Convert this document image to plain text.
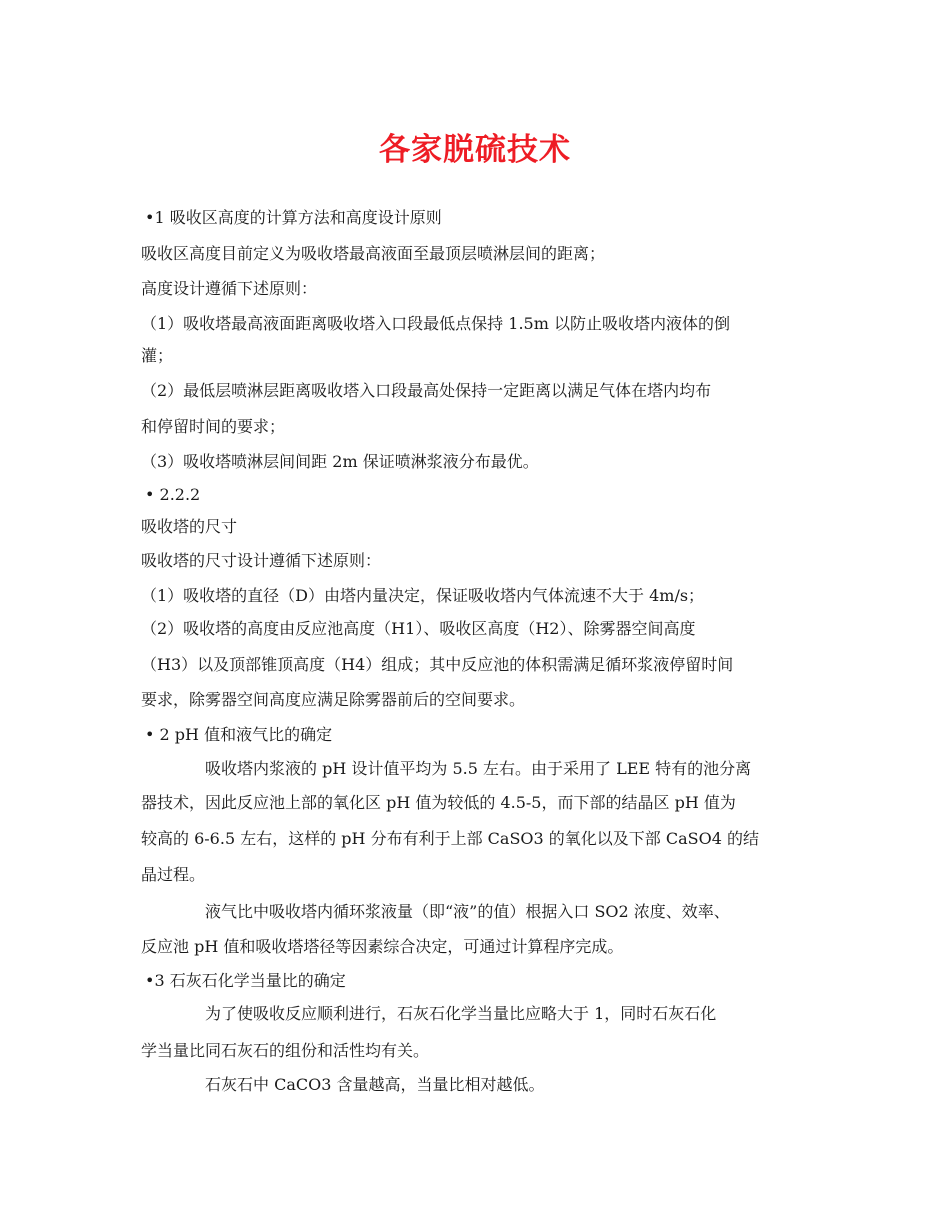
各家脱硫技术
•1 吸收区高度的计算方法和高度设计原则
吸收区高度目前定义为吸收塔最高液面至最顶层喷淋层间的距离；
高度设计遵循下述原则：
（1）吸收塔最高液面距离吸收塔入口段最低点保持 1.5m 以防止吸收塔内液体的倒
灌；
（2）最低层喷淋层距离吸收塔入口段最高处保持一定距离以满足气体在塔内均布
和停留时间的要求；
（3）吸收塔喷淋层间间距 2m 保证喷淋浆液分布最优。
• 2.2.2
吸收塔的尺寸
吸收塔的尺寸设计遵循下述原则：
（1）吸收塔的直径（D）由塔内量决定，保证吸收塔内气体流速不大于 4m/s；
（2）吸收塔的高度由反应池高度（H1）、吸收区高度（H2）、除雾器空间高度
（H3）以及顶部锥顶高度（H4）组成；其中反应池的体积需满足循环浆液停留时间
要求，除雾器空间高度应满足除雾器前后的空间要求。
• 2 pH 值和液气比的确定
吸收塔内浆液的 pH 设计值平均为 5.5 左右。由于采用了 LEE 特有的池分离
器技术，因此反应池上部的氧化区 pH 值为较低的 4.5-5，而下部的结晶区 pH 值为
较高的 6-6.5 左右，这样的 pH 分布有利于上部 CaSO3 的氧化以及下部 CaSO4 的结
晶过程。
液气比中吸收塔内循环浆液量（即“液”的值）根据入口 SO2 浓度、效率、
反应池 pH 值和吸收塔塔径等因素综合决定，可通过计算程序完成。
•3 石灰石化学当量比的确定
为了使吸收反应顺利进行，石灰石化学当量比应略大于 1，同时石灰石化
学当量比同石灰石的组份和活性均有关。
石灰石中 CaCO3 含量越高，当量比相对越低。
